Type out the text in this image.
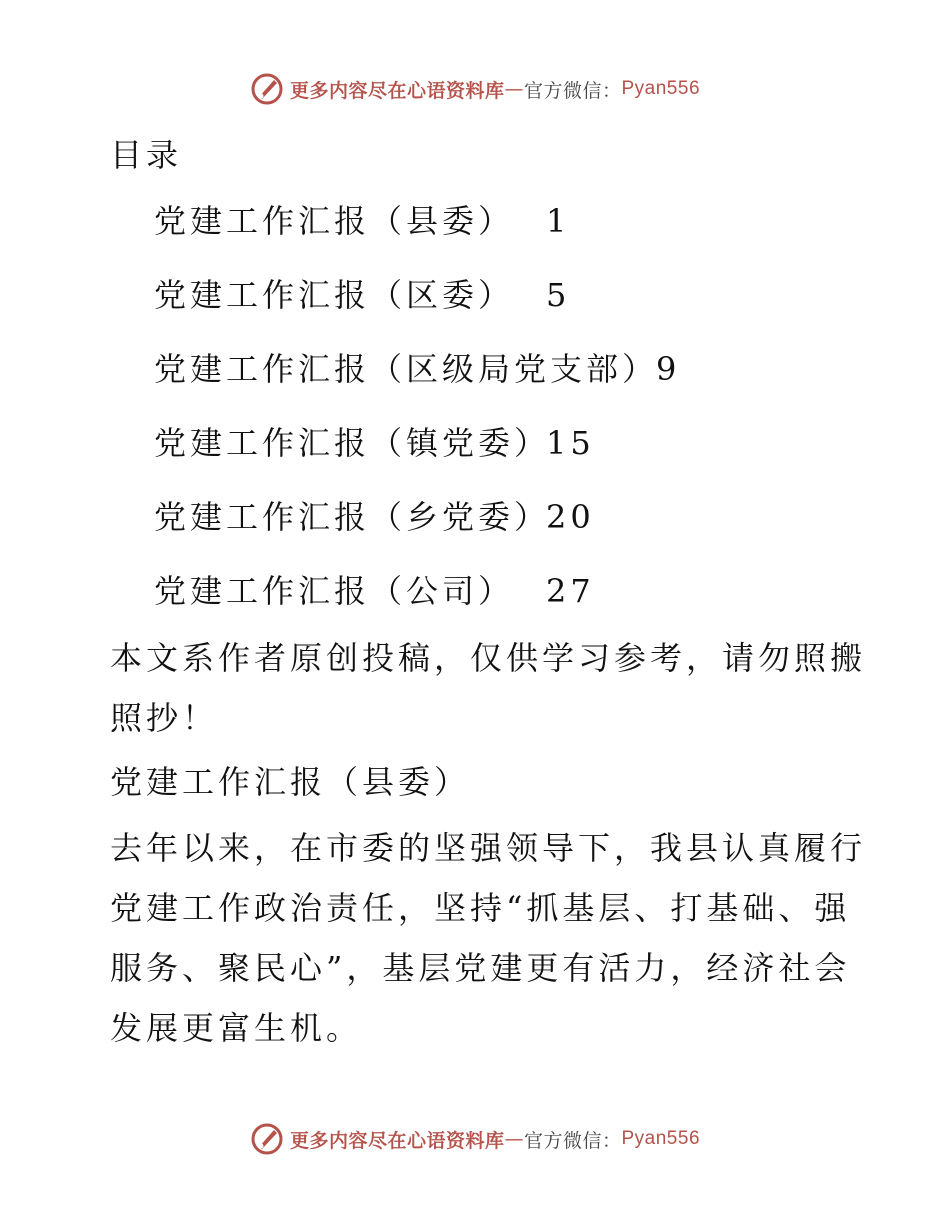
更多内容尽在心语资料库 — 官方微信： Pyan556
目录
党建工作汇报（县委） 1
党建工作汇报（区委） 5
党建工作汇报（区级局党支部）
9
党建工作汇报（镇党委）
15
党建工作汇报（乡党委）
20
党建工作汇报（公司） 27

本文系作者原创投稿，仅供学习参考，请勿照搬照抄！

党建工作汇报（县委）

去年以来，在市委的坚强领导下，我县认真履行党建工作政治责任，坚持“抓基层、打基础、强服务、聚民心”，基层党建更有活力，经济社会发展更富生机。

更多内容尽在心语资料库 — 官方微信： Pyan556
